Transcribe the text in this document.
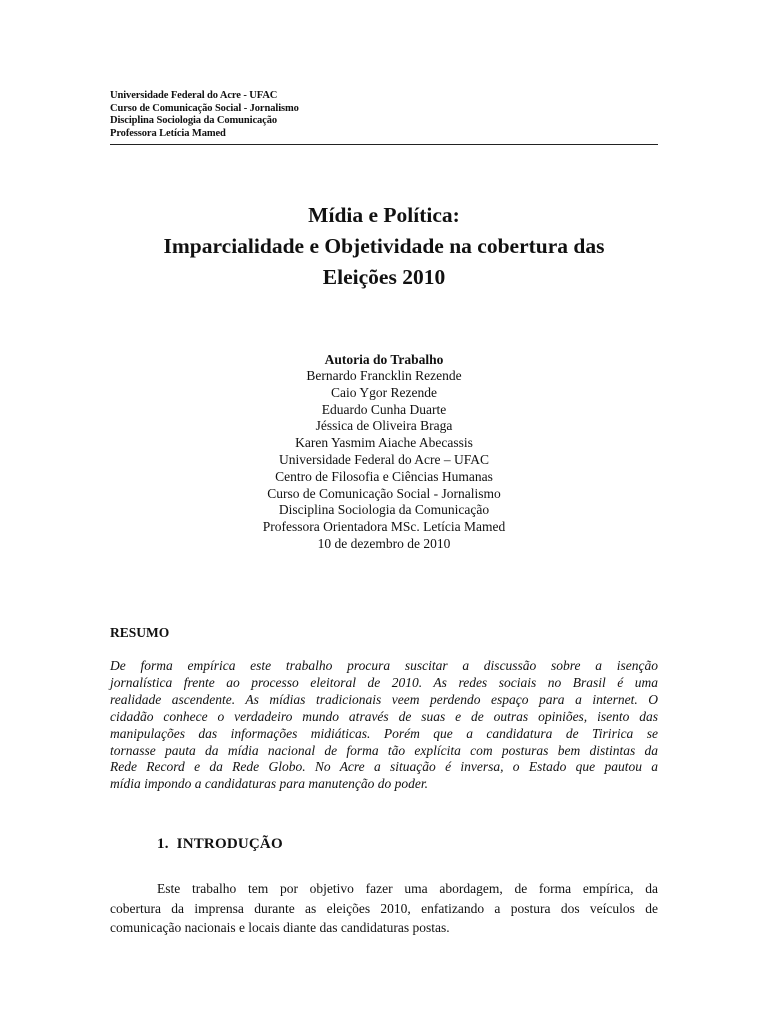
Universidade Federal do Acre - UFAC
Curso de Comunicação Social - Jornalismo
Disciplina Sociologia da Comunicação
Professora Letícia Mamed
Mídia e Política:
Imparcialidade e Objetividade na cobertura das
Eleições 2010
Autoria do Trabalho
Bernardo Francklin Rezende
Caio Ygor Rezende
Eduardo Cunha Duarte
Jéssica de Oliveira Braga
Karen Yasmim Aiache Abecassis
Universidade Federal do Acre – UFAC
Centro de Filosofia e Ciências Humanas
Curso de Comunicação Social - Jornalismo
Disciplina Sociologia da Comunicação
Professora Orientadora MSc. Letícia Mamed
10 de dezembro de 2010
RESUMO
De forma empírica este trabalho procura suscitar a discussão sobre a isenção
jornalística frente ao processo eleitoral de 2010. As redes sociais no Brasil é uma
realidade ascendente. As mídias tradicionais veem perdendo espaço para a internet. O
cidadão conhece o verdadeiro mundo através de suas e de outras opiniões, isento das
manipulações das informações midiáticas. Porém que a candidatura de Tiririca se
tornasse pauta da mídia nacional de forma tão explícita com posturas bem distintas da
Rede Record e da Rede Globo. No Acre a situação é inversa, o Estado que pautou a
mídia impondo a candidaturas para manutenção do poder.
1. INTRODUÇÃO
Este trabalho tem por objetivo fazer uma abordagem, de forma empírica, da
cobertura da imprensa durante as eleições 2010, enfatizando a postura dos veículos de
comunicação nacionais e locais diante das candidaturas postas.
